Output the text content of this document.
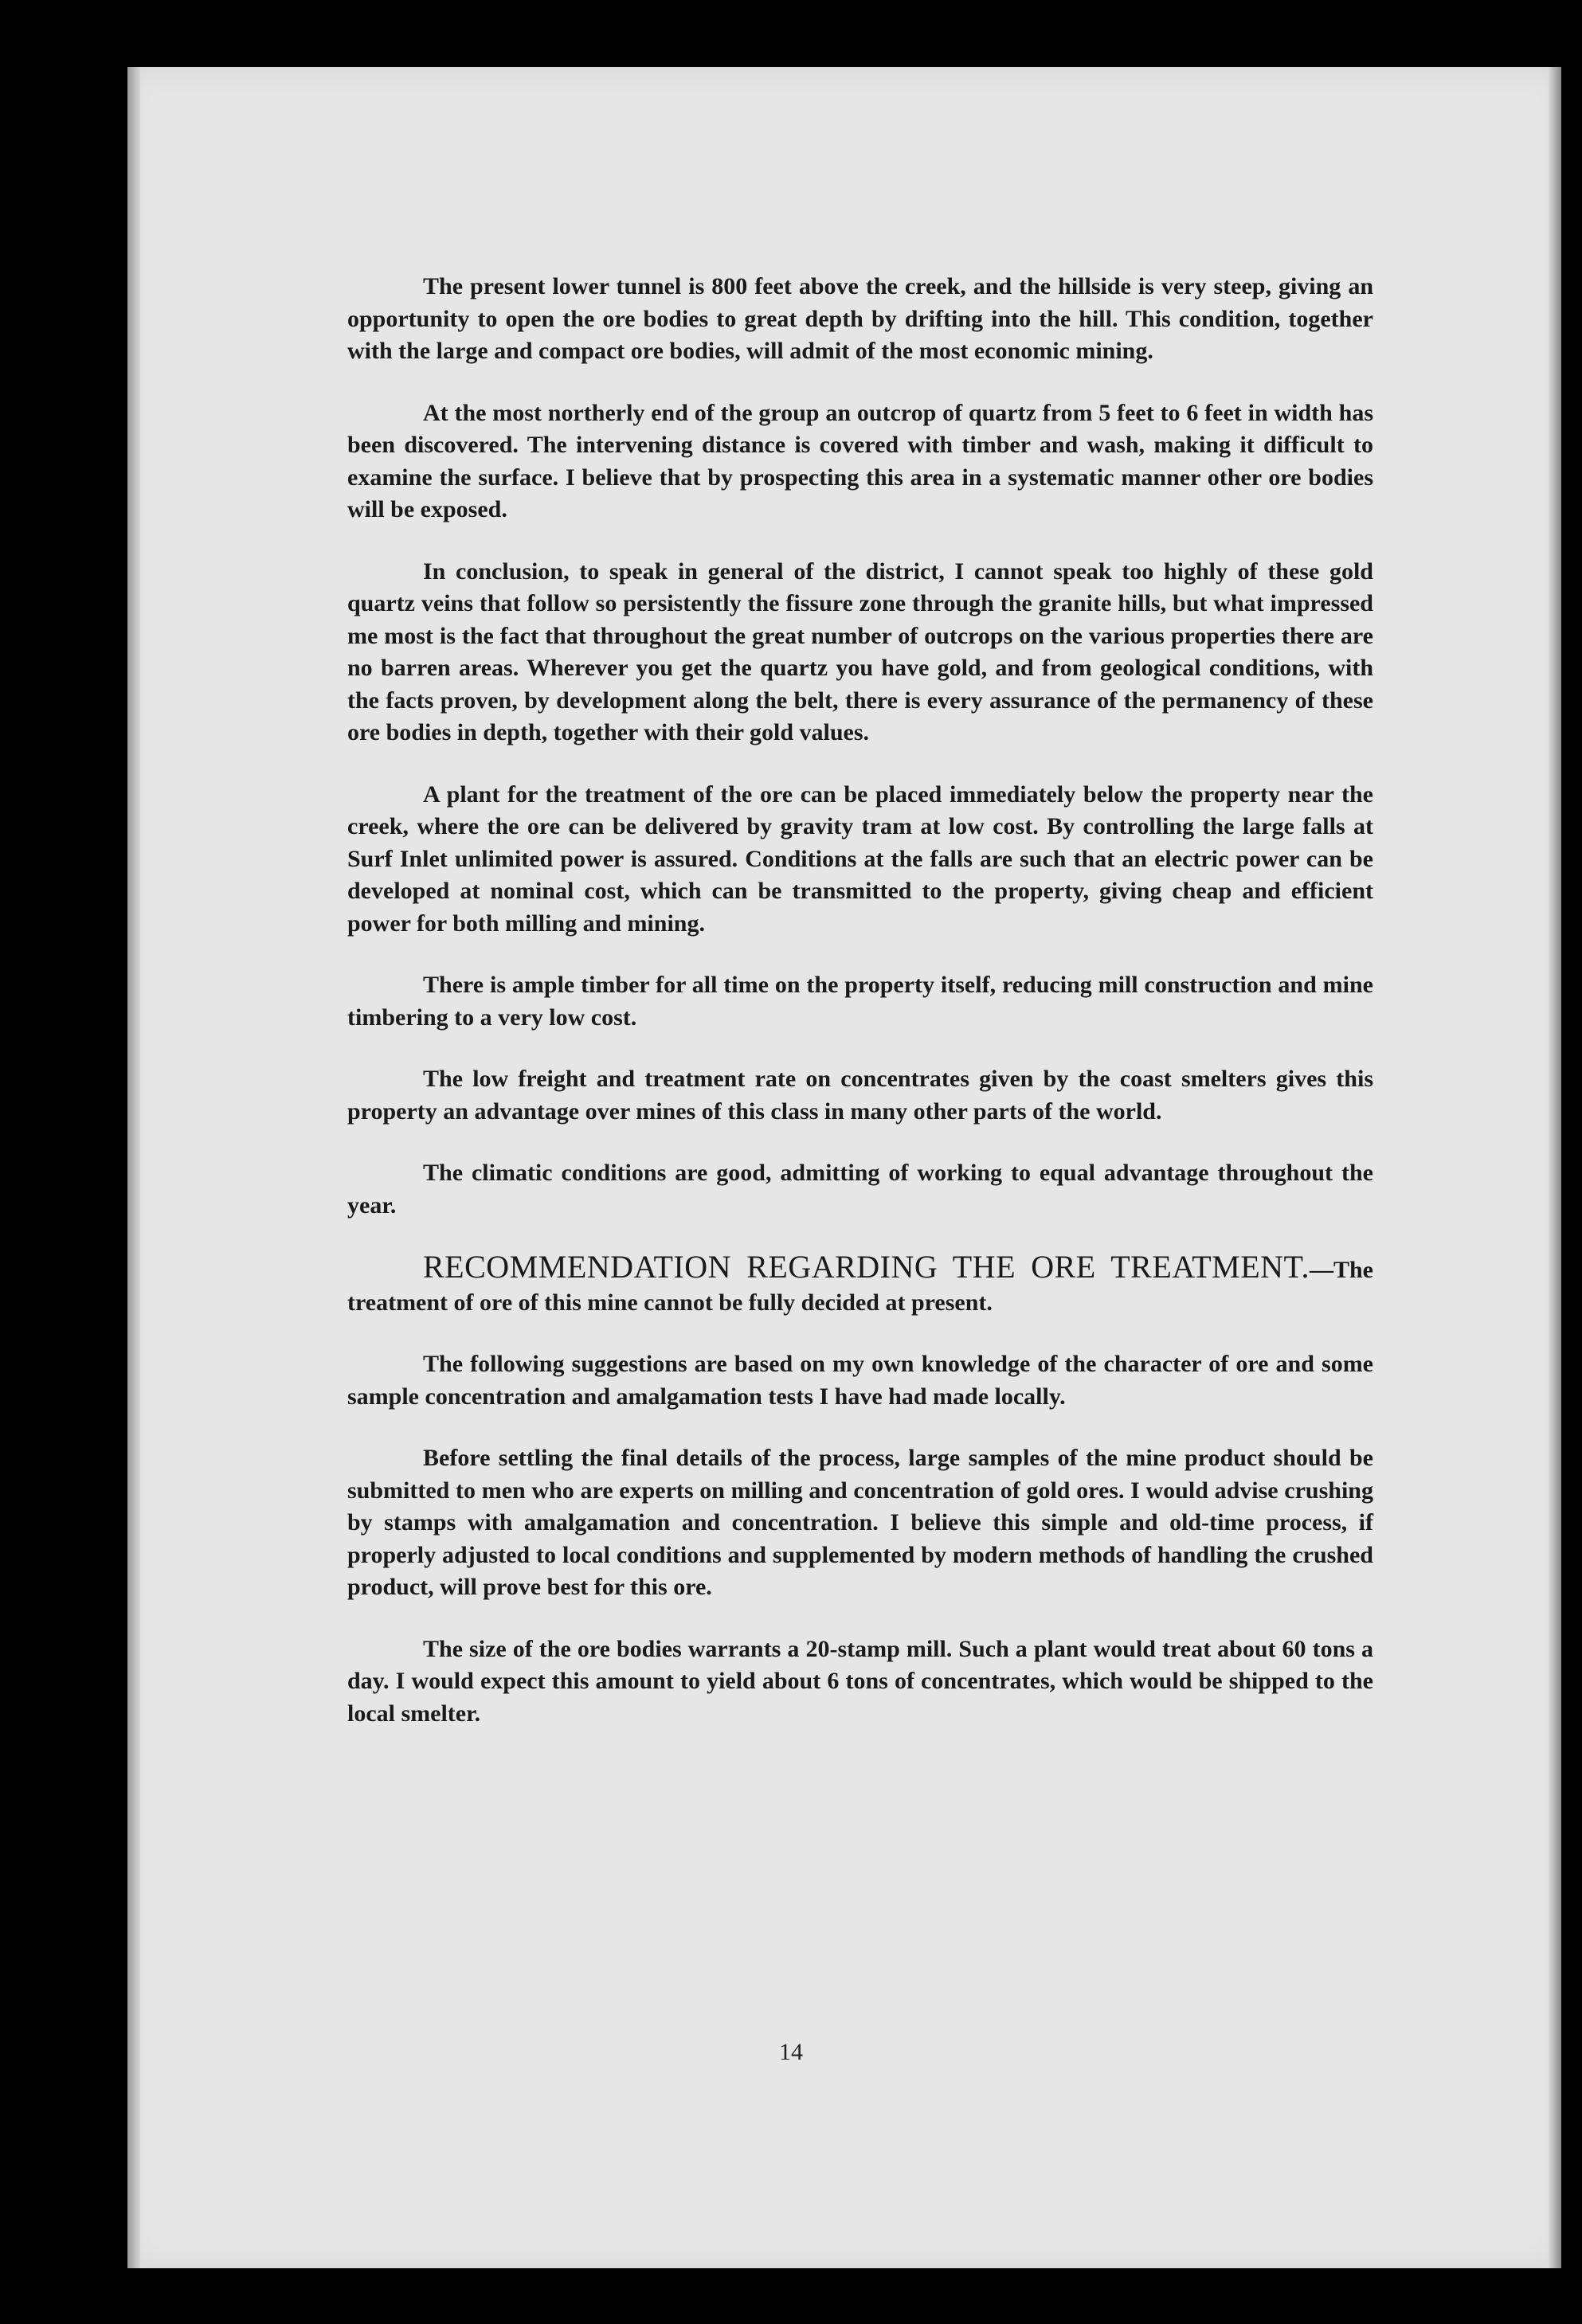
The present lower tunnel is 800 feet above the creek, and the hillside is very steep, giving an opportunity to open the ore bodies to great depth by drifting into the hill. This condition, together with the large and compact ore bodies, will admit of the most economic mining.

At the most northerly end of the group an outcrop of quartz from 5 feet to 6 feet in width has been discovered. The intervening distance is covered with timber and wash, making it difficult to examine the surface. I believe that by prospecting this area in a systematic manner other ore bodies will be exposed.

In conclusion, to speak in general of the district, I cannot speak too highly of these gold quartz veins that follow so persistently the fissure zone through the granite hills, but what impressed me most is the fact that throughout the great number of outcrops on the various properties there are no barren areas. Wherever you get the quartz you have gold, and from geological conditions, with the facts proven, by development along the belt, there is every assurance of the permanency of these ore bodies in depth, together with their gold values.

A plant for the treatment of the ore can be placed immediately below the property near the creek, where the ore can be delivered by gravity tram at low cost. By controlling the large falls at Surf Inlet unlimited power is assured. Conditions at the falls are such that an electric power can be developed at nominal cost, which can be transmitted to the property, giving cheap and efficient power for both milling and mining.

There is ample timber for all time on the property itself, reducing mill construction and mine timbering to a very low cost.

The low freight and treatment rate on concentrates given by the coast smelters gives this property an advantage over mines of this class in many other parts of the world.

The climatic conditions are good, admitting of working to equal advantage throughout the year.

RECOMMENDATION REGARDING THE ORE TREATMENT.—The treatment of ore of this mine cannot be fully decided at present.

The following suggestions are based on my own knowledge of the character of ore and some sample concentration and amalgamation tests I have had made locally.

Before settling the final details of the process, large samples of the mine product should be submitted to men who are experts on milling and concentration of gold ores. I would advise crushing by stamps with amalgamation and concentration. I believe this simple and old-time process, if properly adjusted to local conditions and supplemented by modern methods of handling the crushed product, will prove best for this ore.

The size of the ore bodies warrants a 20-stamp mill. Such a plant would treat about 60 tons a day. I would expect this amount to yield about 6 tons of concentrates, which would be shipped to the local smelter.

14
